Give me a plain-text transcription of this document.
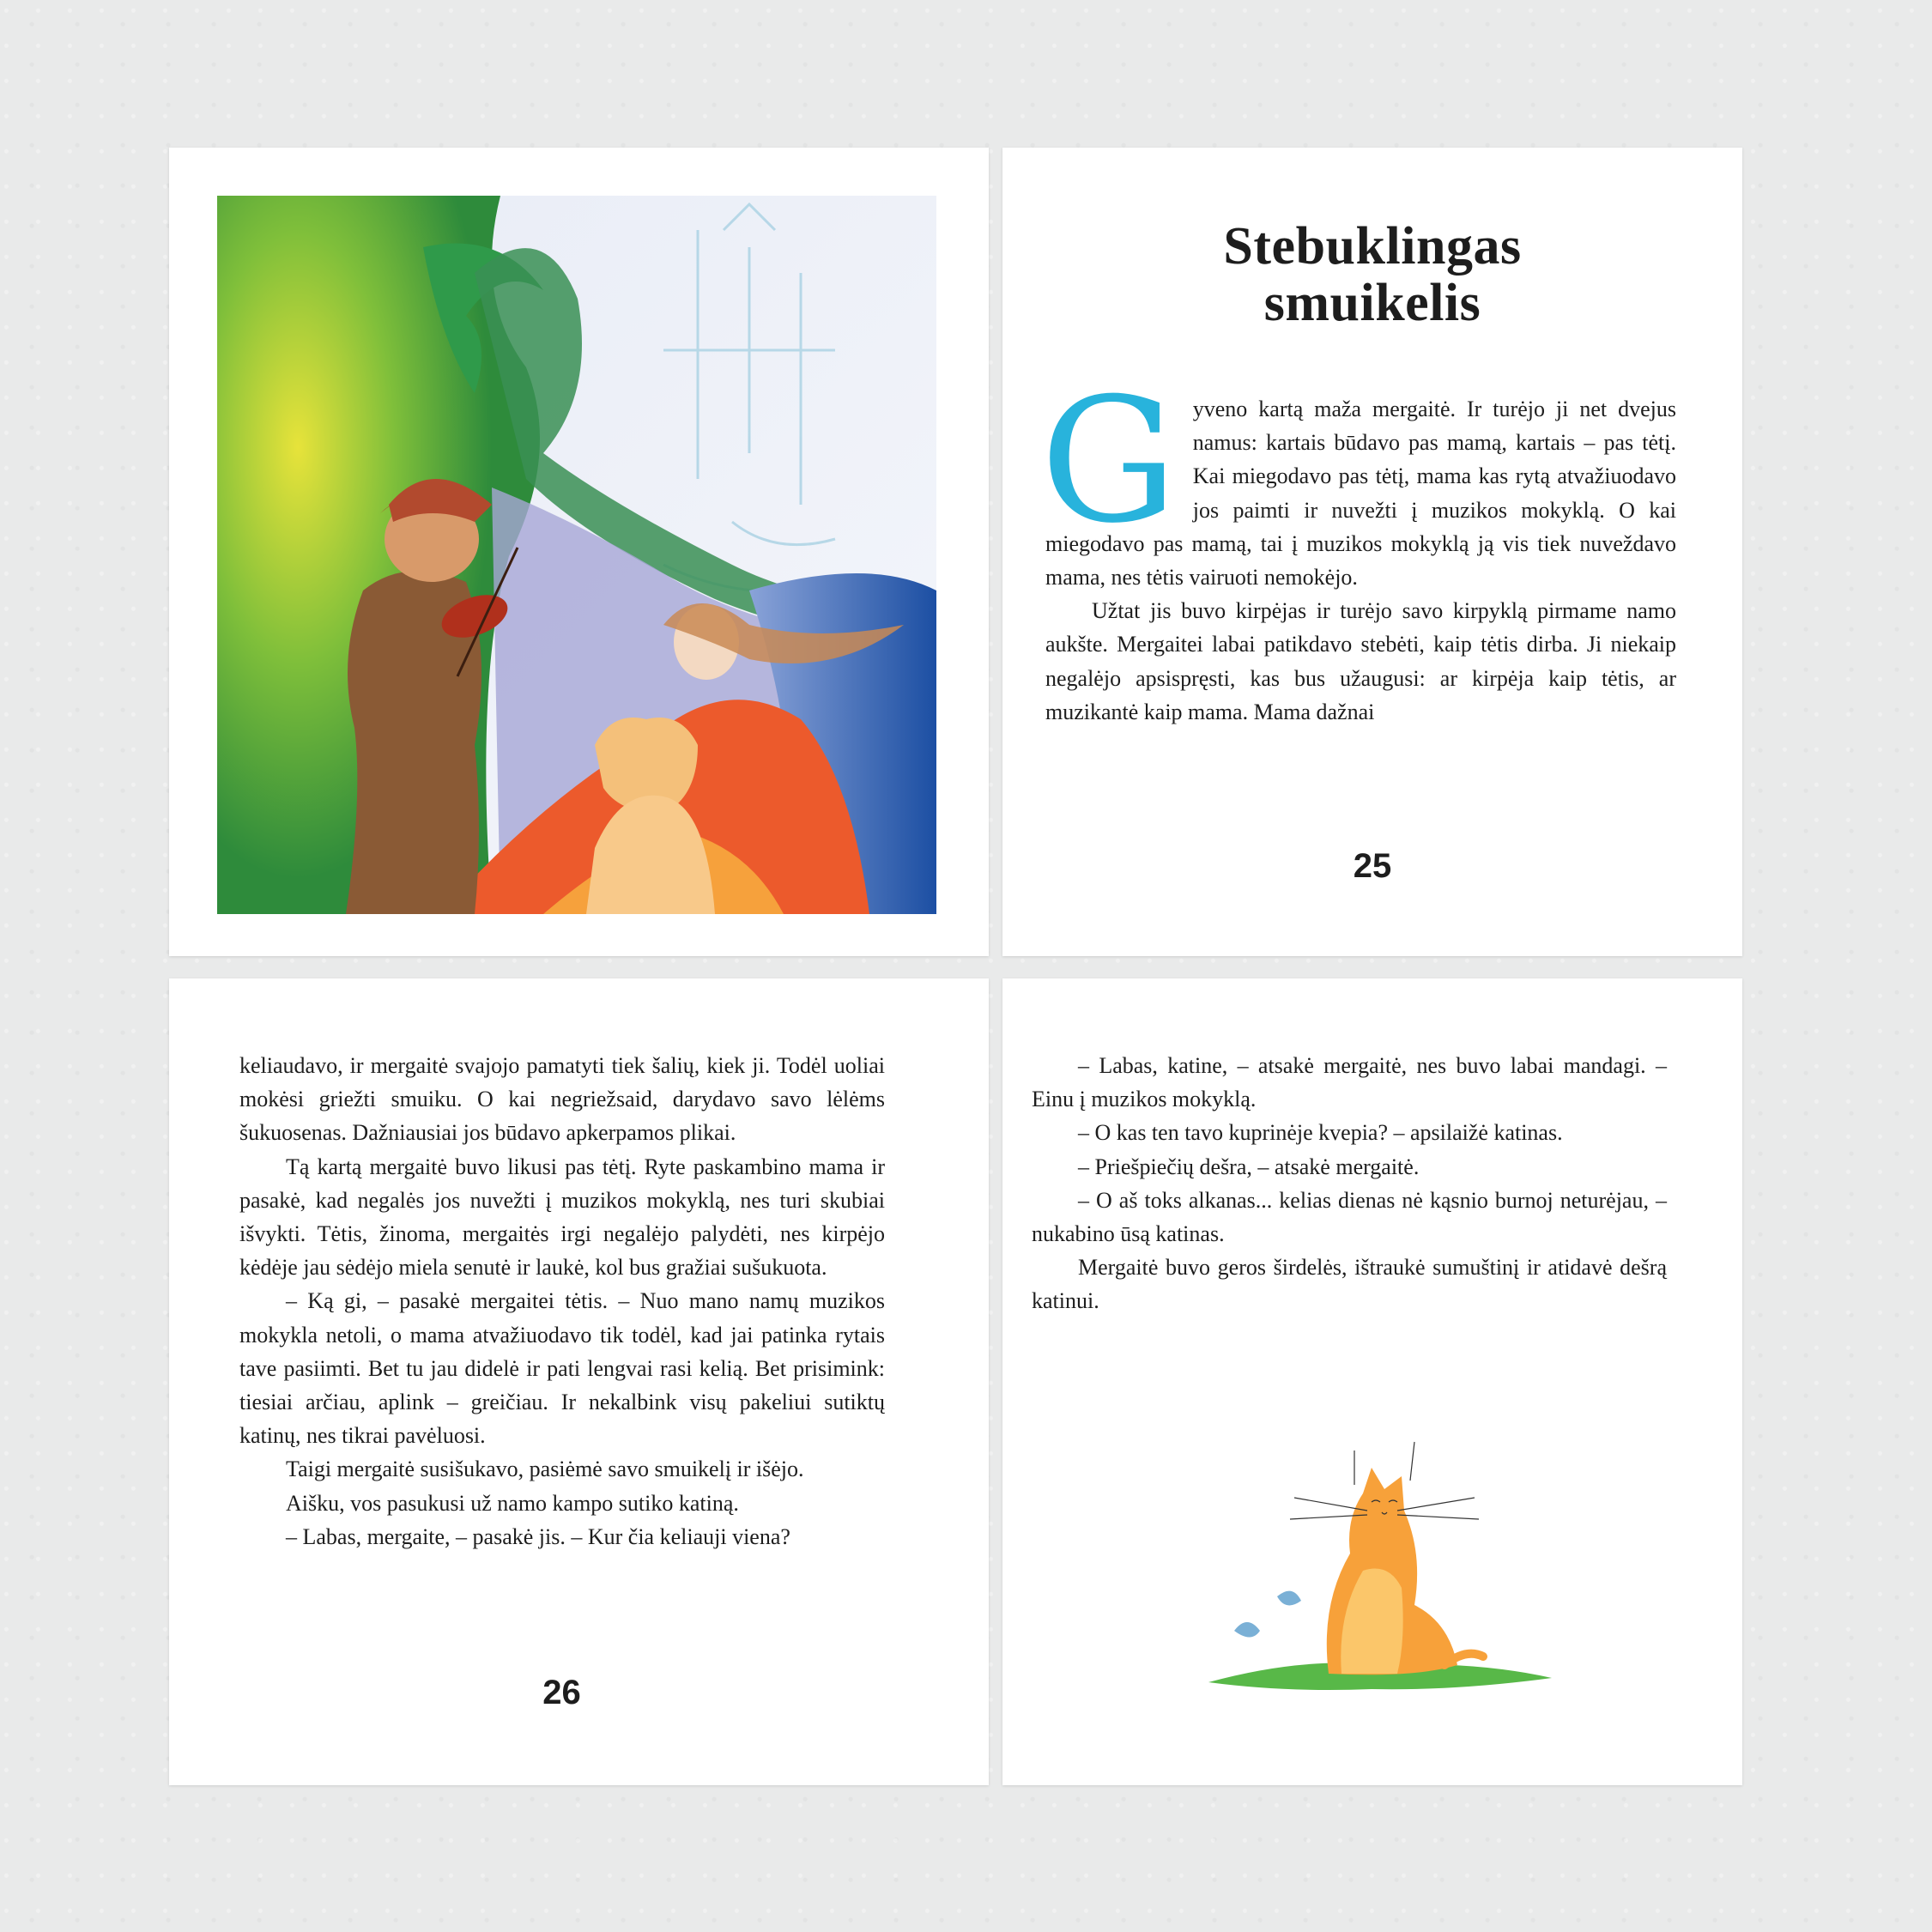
Stebuklingas
smuikelis

Gyveno kartą maža mergaitė. Ir turėjo ji net dvejus namus: kartais būdavo pas mamą, kartais – pas tėtį. Kai miegodavo pas tėtį, mama kas rytą atvažiuodavo jos paimti ir nuvežti į muzikos mokyklą. O kai miegodavo pas mamą, tai į muzikos mokyklą ją vis tiek nuveždavo mama, nes tėtis vairuoti nemokėjo.

Užtat jis buvo kirpėjas ir turėjo savo kirpyklą pirmame namo aukšte. Mergaitei labai patikdavo stebėti, kaip tėtis dirba. Ji niekaip negalėjo apsispręsti, kas bus užaugusi: ar kirpėja kaip tėtis, ar muzikantė kaip mama. Mama dažnai

25

keliaudavo, ir mergaitė svajojo pamatyti tiek šalių, kiek ji. Todėl uoliai mokėsi griežti smuiku. O kai negriežsaid, darydavo savo lėlėms šukuosenas. Dažniausiai jos būdavo apkerpamos plikai.

Tą kartą mergaitė buvo likusi pas tėtį. Ryte paskambino mama ir pasakė, kad negalės jos nuvežti į muzikos mokyklą, nes turi skubiai išvykti. Tėtis, žinoma, mergaitės irgi negalėjo palydėti, nes kirpėjo kėdėje jau sėdėjo miela senutė ir laukė, kol bus gražiai sušukuota.

– Ką gi, – pasakė mergaitei tėtis. – Nuo mano namų muzikos mokykla netoli, o mama atvažiuodavo tik todėl, kad jai patinka rytais tave pasiimti. Bet tu jau didelė ir pati lengvai rasi kelią. Bet prisimink: tiesiai arčiau, aplink – greičiau. Ir nekalbink visų pakeliui sutiktų katinų, nes tikrai pavėluosi.

Taigi mergaitė susišukavo, pasiėmė savo smuikelį ir išėjo.

Aišku, vos pasukusi už namo kampo sutiko katiną.

– Labas, mergaite, – pasakė jis. – Kur čia keliauji viena?

26

– Labas, katine, – atsakė mergaitė, nes buvo labai mandagi. – Einu į muzikos mokyklą.

– O kas ten tavo kuprinėje kvepia? – apsilaižė katinas.

– Priešpiečių dešra, – atsakė mergaitė.

– O aš toks alkanas... kelias dienas nė kąsnio burnoj neturėjau, – nukabino ūsą katinas.

Mergaitė buvo geros širdelės, ištraukė sumuštinį ir atidavė dešrą katinui.
